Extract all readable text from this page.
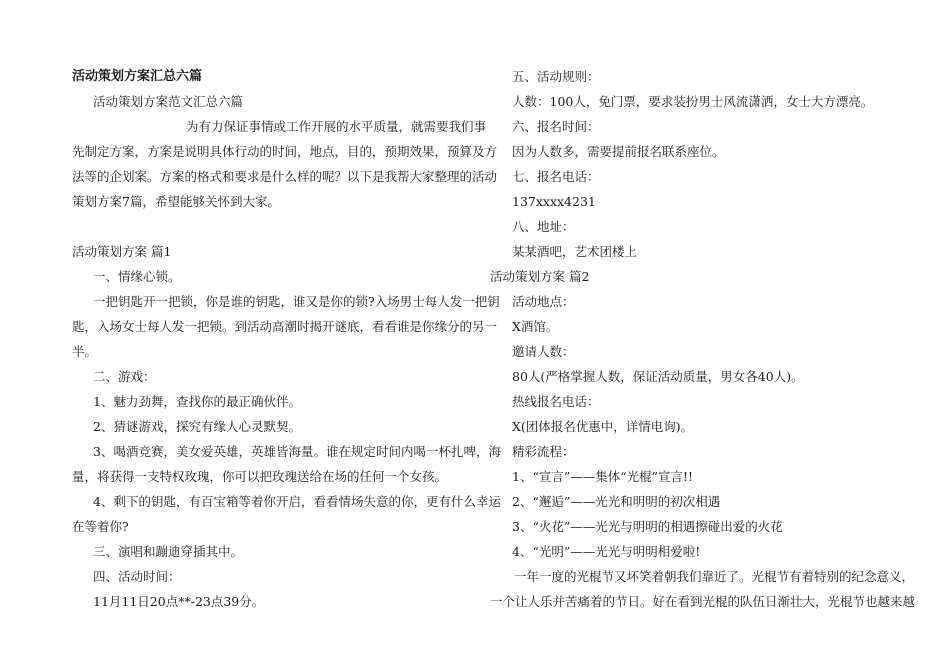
活动策划方案汇总六篇
活动策划方案范文汇总六篇
为有力保证事情或工作开展的水平质量，就需要我们事
先制定方案，方案是说明具体行动的时间，地点，目的，预期效果，预算及方
法等的企划案。方案的格式和要求是什么样的呢？以下是我帮大家整理的活动
策划方案7篇，希望能够关怀到大家。
活动策划方案 篇1
一、情缘心锁。
一把钥匙开一把锁，你是谁的钥匙，谁又是你的锁?入场男士每人发一把钥
匙，入场女士每人发一把锁。到活动高潮时揭开谜底，看看谁是你缘分的另一
半。
二、游戏：
1、魅力劲舞，查找你的最正确伙伴。
2、猜谜游戏，探究有缘人心灵默契。
3、喝酒竞赛，美女爱英雄，英雄皆海量。谁在规定时间内喝一杯扎啤，海
量，将获得一支特权玫瑰，你可以把玫瑰送给在场的任何一个女孩。
4、剩下的钥匙，有百宝箱等着你开启，看看情场失意的你，更有什么幸运
在等着你?
三、演唱和蹦迪穿插其中。
四、活动时间：
11月11日20点**-23点39分。
五、活动规则：
人数：100人，免门票，要求装扮男士风流潇洒，女士大方漂亮。
六、报名时间：
因为人数多，需要提前报名联系座位。
七、报名电话：
137xxxx4231
八、地址：
某某酒吧，艺术团楼上
活动策划方案 篇2
活动地点：
X酒馆。
邀请人数：
80人(严格掌握人数，保证活动质量，男女各40人)。
热线报名电话：
X(团体报名优惠中，详情电询)。
精彩流程：
1、“宣言”——集体“光棍”宣言!!
2、“邂逅”——光光和明明的初次相遇
3、“火花”——光光与明明的相遇擦碰出爱的火花
4、“光明”——光光与明明相爱啦!
一年一度的光棍节又坏笑着朝我们靠近了。光棍节有着特别的纪念意义，
一个让人乐并苦痛着的节日。好在看到光棍的队伍日渐壮大，光棍节也越来越
